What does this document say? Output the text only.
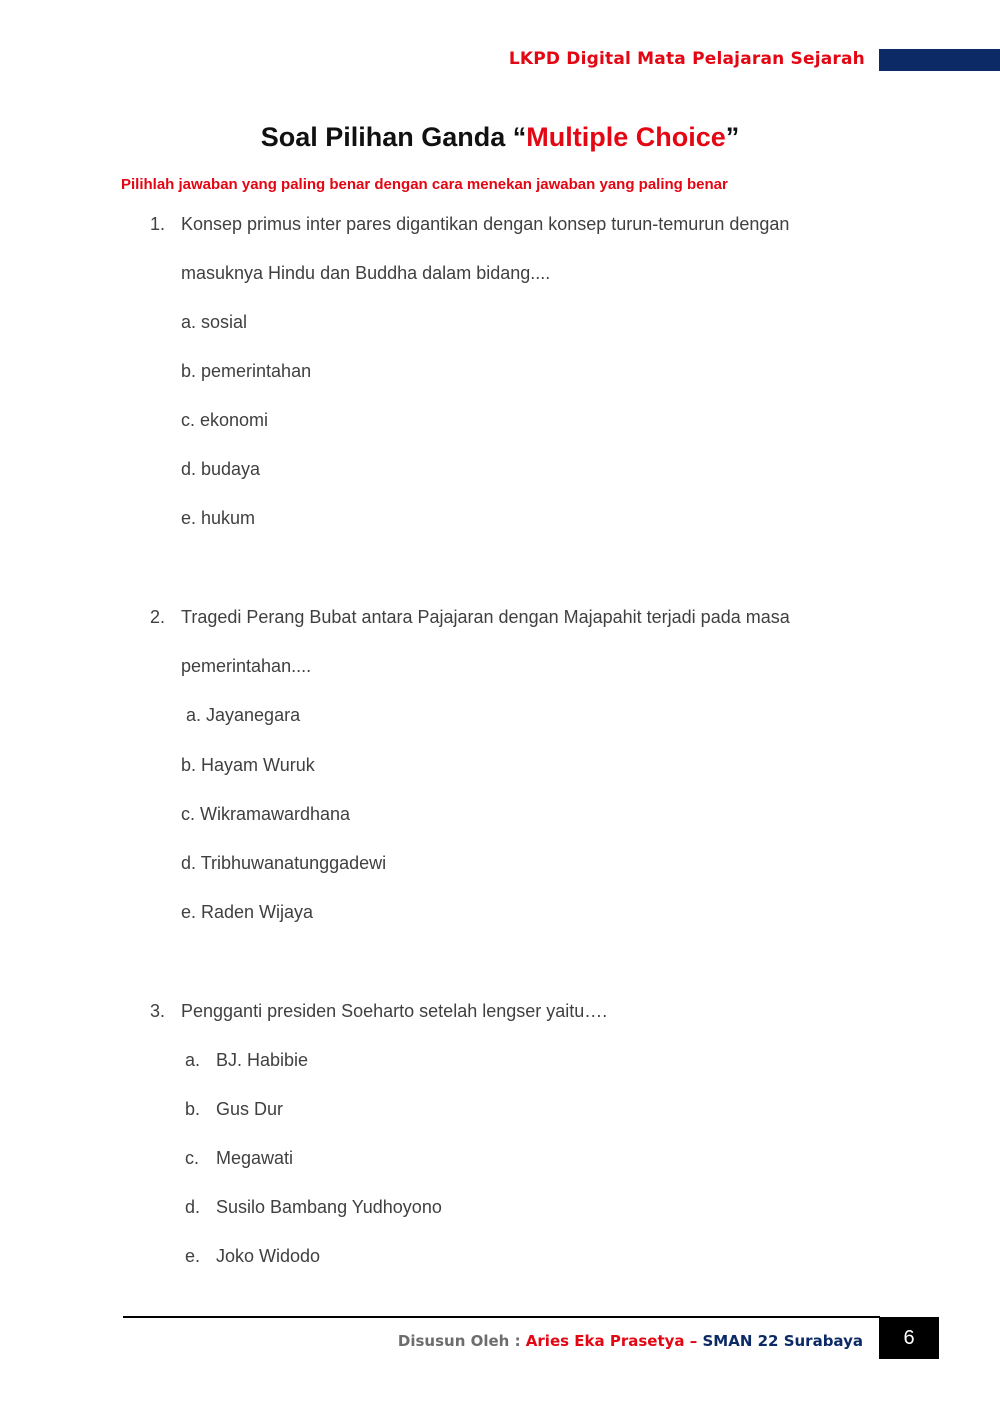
LKPD Digital Mata Pelajaran Sejarah
Soal Pilihan Ganda “Multiple Choice”
Pilihlah jawaban yang paling benar dengan cara menekan jawaban yang paling benar
1. Konsep primus inter pares digantikan dengan konsep turun-temurun dengan
masuknya Hindu dan Buddha dalam bidang....
a. sosial
b. pemerintahan
c. ekonomi
d. budaya
e. hukum
2. Tragedi Perang Bubat antara Pajajaran dengan Majapahit terjadi pada masa
pemerintahan....
a. Jayanegara
b. Hayam Wuruk
c. Wikramawardhana
d. Tribhuwanatunggadewi
e. Raden Wijaya
3. Pengganti presiden Soeharto setelah lengser yaitu….
a. BJ. Habibie
b. Gus Dur
c. Megawati
d. Susilo Bambang Yudhoyono
e. Joko Widodo
Disusun Oleh : Aries Eka Prasetya – SMAN 22 Surabaya	6
